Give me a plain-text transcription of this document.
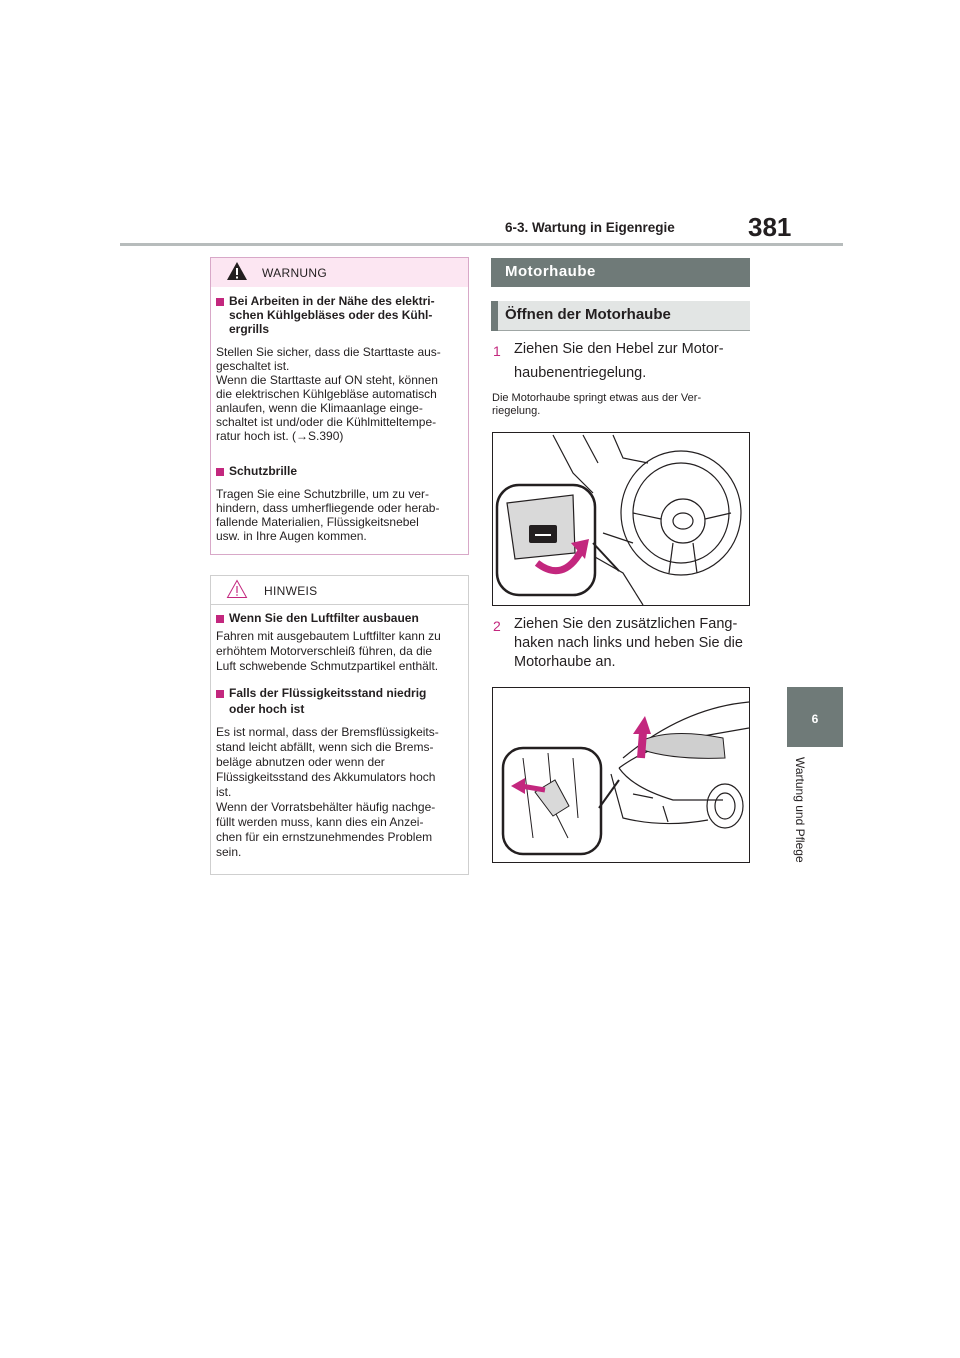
6-3. Wartung in Eigenregie	381
6
Wartung und Pflege
WARNUNG
Bei Arbeiten in der Nähe des elektri-
schen Kühlgebläses oder des Kühl-
ergrills
Stellen Sie sicher, dass die Starttaste aus-
geschaltet ist.
Wenn die Starttaste auf ON steht, können
die elektrischen Kühlgebläse automatisch
anlaufen, wenn die Klimaanlage einge-
schaltet ist und/oder die Kühlmitteltempe-
ratur hoch ist. (→S.390)
Schutzbrille
Tragen Sie eine Schutzbrille, um zu ver-
hindern, dass umherfliegende oder herab-
fallende Materialien, Flüssigkeitsnebel
usw. in Ihre Augen kommen.
HINWEIS
Wenn Sie den Luftfilter ausbauen
Fahren mit ausgebautem Luftfilter kann zu
erhöhtem Motorverschleiß führen, da die
Luft schwebende Schmutzpartikel enthält.
Falls der Flüssigkeitsstand niedrig
oder hoch ist
Es ist normal, dass der Bremsflüssigkeits-
stand leicht abfällt, wenn sich die Brems-
beläge abnutzen oder wenn der
Flüssigkeitsstand des Akkumulators hoch
ist.
Wenn der Vorratsbehälter häufig nachge-
füllt werden muss, kann dies ein Anzei-
chen für ein ernstzunehmendes Problem
sein.
Motorhaube
Öffnen der Motorhaube
1 Ziehen Sie den Hebel zur Motor-
haubenentriegelung.
Die Motorhaube springt etwas aus der Ver-
riegelung.
2 Ziehen Sie den zusätzlichen Fang-
haken nach links und heben Sie die
Motorhaube an.
